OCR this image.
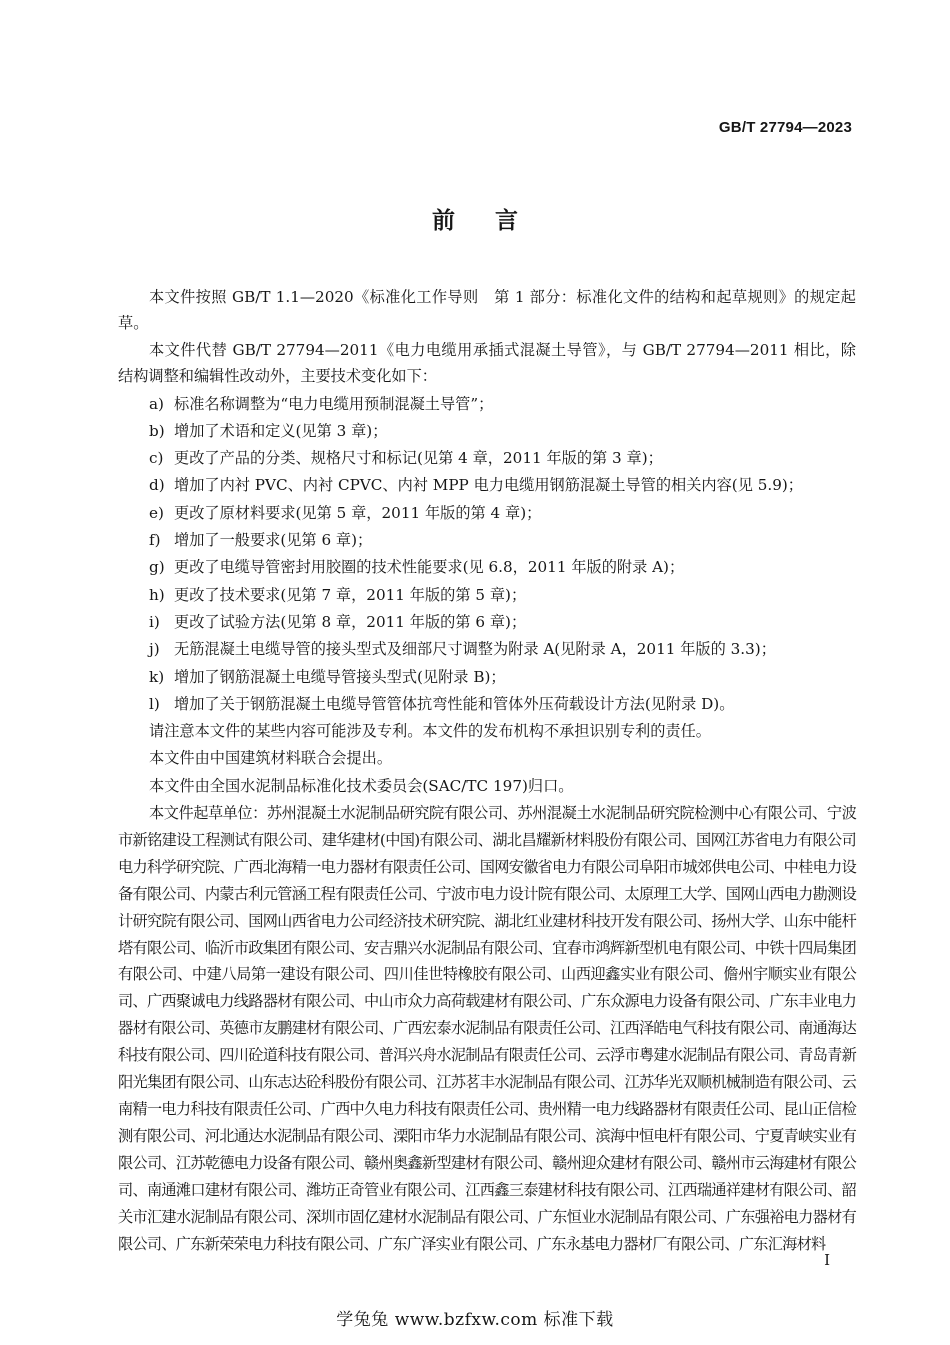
GB/T 27794—2023
前言
本文件按照 GB/T 1.1—2020《标准化工作导则　第 1 部分：标准化文件的结构和起草规则》的规定起草。
本文件代替 GB/T 27794—2011《电力电缆用承插式混凝土导管》，与 GB/T 27794—2011 相比，除结构调整和编辑性改动外，主要技术变化如下：
a) 标准名称调整为“电力电缆用预制混凝土导管”；
b) 增加了术语和定义(见第 3 章)；
c) 更改了产品的分类、规格尺寸和标记(见第 4 章，2011 年版的第 3 章)；
d) 增加了内衬 PVC、内衬 CPVC、内衬 MPP 电力电缆用钢筋混凝土导管的相关内容(见 5.9)；
e) 更改了原材料要求(见第 5 章，2011 年版的第 4 章)；
f) 增加了一般要求(见第 6 章)；
g) 更改了电缆导管密封用胶圈的技术性能要求(见 6.8，2011 年版的附录 A)；
h) 更改了技术要求(见第 7 章，2011 年版的第 5 章)；
i) 更改了试验方法(见第 8 章，2011 年版的第 6 章)；
j) 无筋混凝土电缆导管的接头型式及细部尺寸调整为附录 A(见附录 A，2011 年版的 3.3)；
k) 增加了钢筋混凝土电缆导管接头型式(见附录 B)；
l) 增加了关于钢筋混凝土电缆导管管体抗弯性能和管体外压荷载设计方法(见附录 D)。
请注意本文件的某些内容可能涉及专利。本文件的发布机构不承担识别专利的责任。
本文件由中国建筑材料联合会提出。
本文件由全国水泥制品标准化技术委员会(SAC/TC 197)归口。
本文件起草单位：苏州混凝土水泥制品研究院有限公司、苏州混凝土水泥制品研究院检测中心有限公司、宁波市新铭建设工程测试有限公司、建华建材(中国)有限公司、湖北昌耀新材料股份有限公司、国网江苏省电力有限公司电力科学研究院、广西北海精一电力器材有限责任公司、国网安徽省电力有限公司阜阳市城郊供电公司、中桂电力设备有限公司、内蒙古利元管涵工程有限责任公司、宁波市电力设计院有限公司、太原理工大学、国网山西电力勘测设计研究院有限公司、国网山西省电力公司经济技术研究院、湖北红业建材科技开发有限公司、扬州大学、山东中能杆塔有限公司、临沂市政集团有限公司、安吉鼎兴水泥制品有限公司、宜春市鸿辉新型机电有限公司、中铁十四局集团有限公司、中建八局第一建设有限公司、四川佳世特橡胶有限公司、山西迎鑫实业有限公司、儋州宇顺实业有限公司、广西聚诚电力线路器材有限公司、中山市众力高荷载建材有限公司、广东众源电力设备有限公司、广东丰业电力器材有限公司、英德市友鹏建材有限公司、广西宏泰水泥制品有限责任公司、江西泽皓电气科技有限公司、南通海达科技有限公司、四川砼道科技有限公司、普洱兴舟水泥制品有限责任公司、云浮市粤建水泥制品有限公司、青岛青新阳光集团有限公司、山东志达砼科股份有限公司、江苏茗丰水泥制品有限公司、江苏华光双顺机械制造有限公司、云南精一电力科技有限责任公司、广西中久电力科技有限责任公司、贵州精一电力线路器材有限责任公司、昆山正信检测有限公司、河北通达水泥制品有限公司、溧阳市华力水泥制品有限公司、滨海中恒电杆有限公司、宁夏青峡实业有限公司、江苏乾德电力设备有限公司、赣州奥鑫新型建材有限公司、赣州迎众建材有限公司、赣州市云海建材有限公司、南通滩口建材有限公司、潍坊正奇管业有限公司、江西鑫三泰建材科技有限公司、江西瑞通祥建材有限公司、韶关市汇建水泥制品有限公司、深圳市固亿建材水泥制品有限公司、广东恒业水泥制品有限公司、广东强裕电力器材有限公司、广东新荣荣电力科技有限公司、广东广泽实业有限公司、广东永基电力器材厂有限公司、广东汇海材料
I
学兔兔 www.bzfxw.com 标准下载
